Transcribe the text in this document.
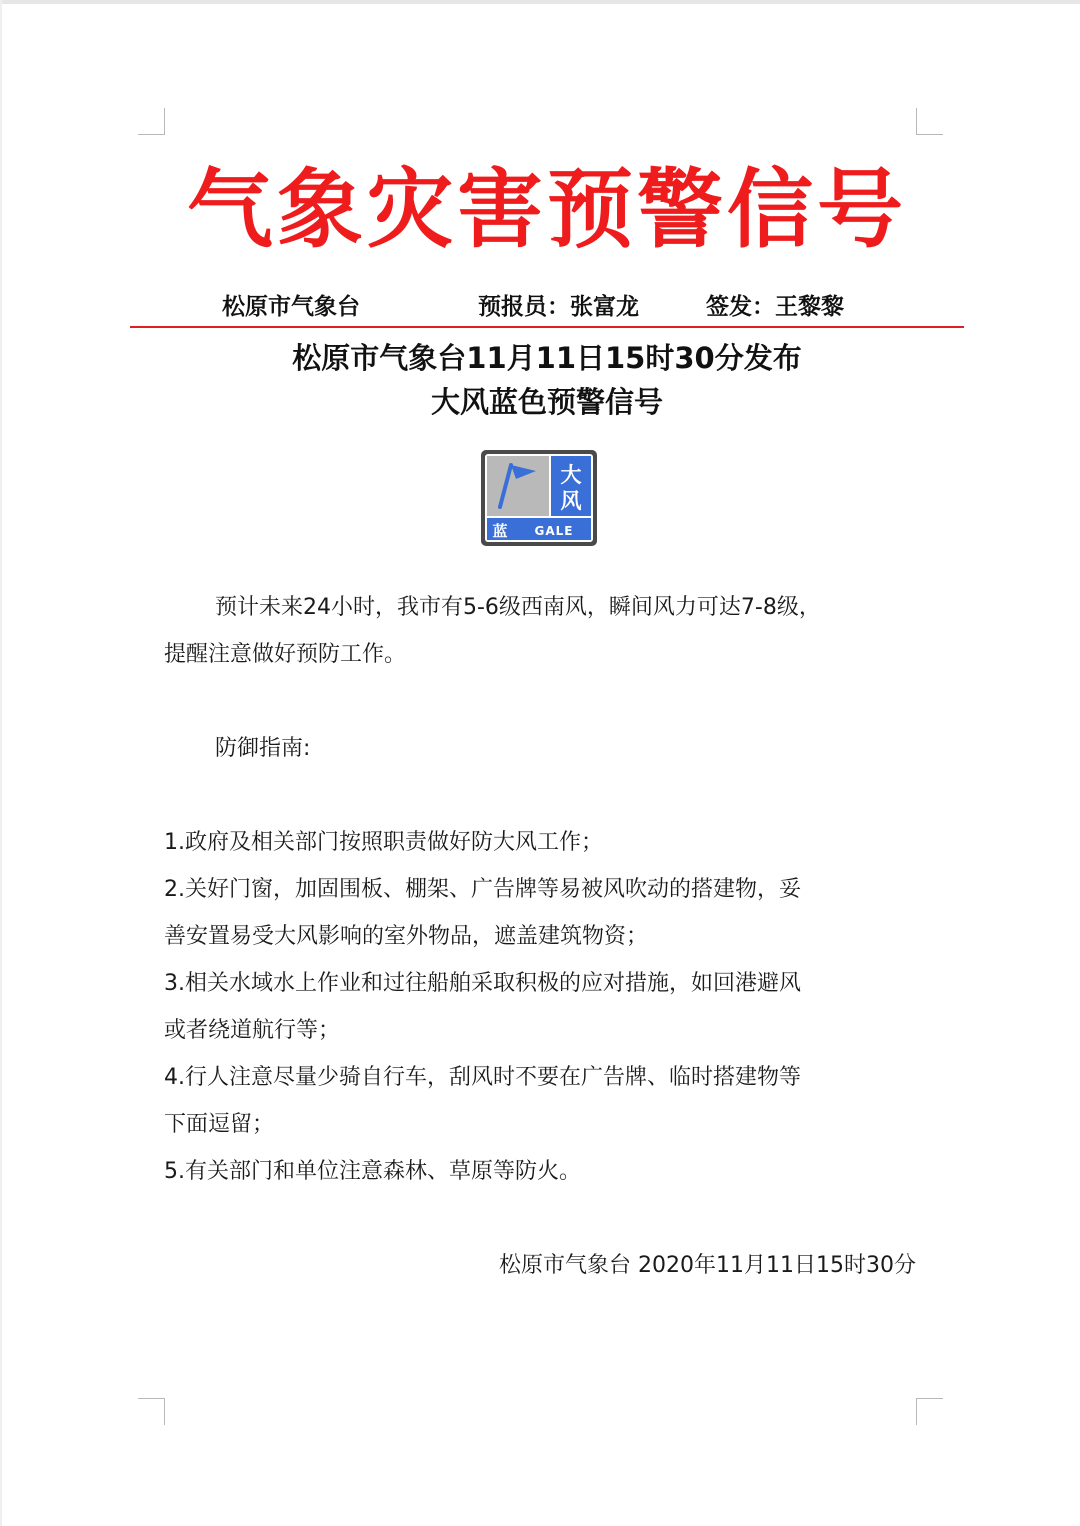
气象灾害预警信号
松原市气象台	预报员：张富龙	签发：王黎黎
松原市气象台11月11日15时30分发布
大风蓝色预警信号
大
风
蓝 GALE
预计未来24小时，我市有5-6级西南风，瞬间风力可达7-8级，
提醒注意做好预防工作。
防御指南:
1.政府及相关部门按照职责做好防大风工作；
2.关好门窗，加固围板、棚架、广告牌等易被风吹动的搭建物，妥
善安置易受大风影响的室外物品，遮盖建筑物资；
3.相关水域水上作业和过往船舶采取积极的应对措施，如回港避风
或者绕道航行等；
4.行人注意尽量少骑自行车，刮风时不要在广告牌、临时搭建物等
下面逗留；
5.有关部门和单位注意森林、草原等防火。
松原市气象台 2020年11月11日15时30分
